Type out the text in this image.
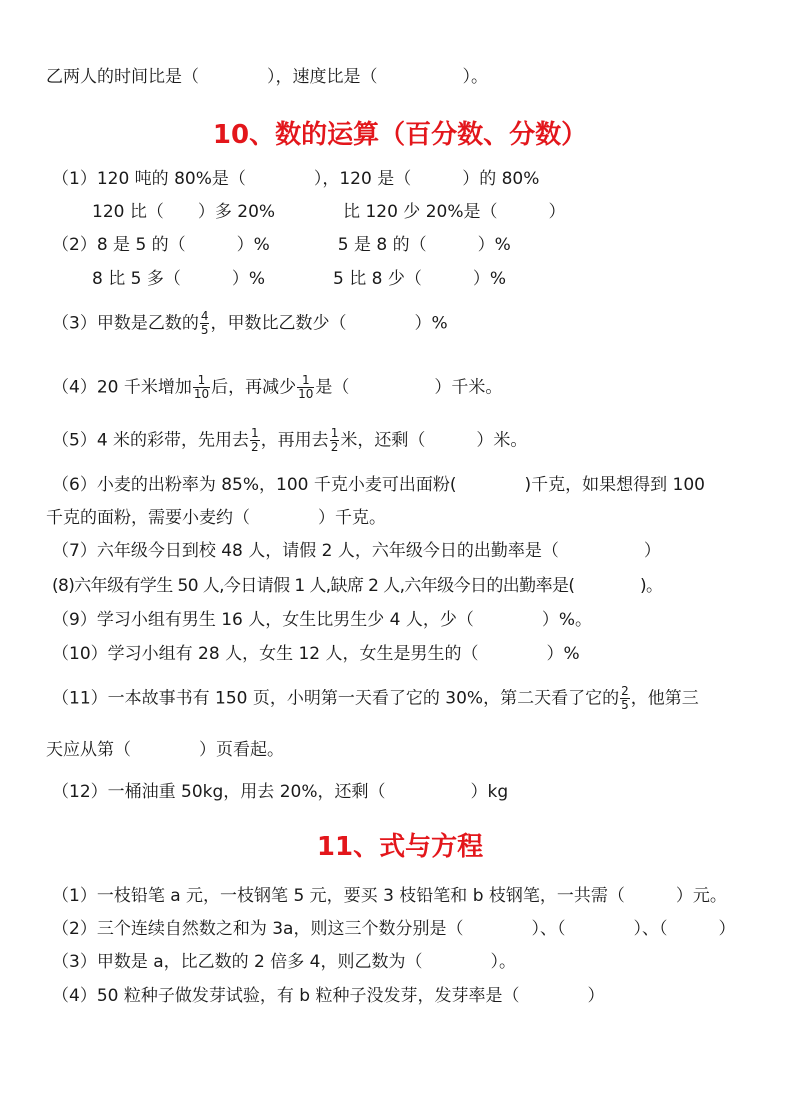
乙两人的时间比是（　　　　），速度比是（　　　　　）。
10、数的运算（百分数、分数）
（1）120 吨的 80%是（　　　　），120 是（　　　）的 80%
120 比（　　）多 20%　　　　比 120 少 20%是（　　　）
（2）8 是 5 的（　　　）%　　　　5 是 8 的（　　　）%
8 比 5 多（　　　）%　　　　5 比 8 少（　　　）%
（3）甲数是乙数的 $\frac{4}{5}$ ，甲数比乙数少（　　　　）%
（4）20 千米增加 $\frac{1}{10}$ 后，再减少 $\frac{1}{10}$ 是（　　　　　）千米。
（5）4 米的彩带，先用去 $\frac{1}{2}$ ，再用去 $\frac{1}{2}$ 米，还剩（　　　）米。
（6）小麦的出粉率为 85%，100 千克小麦可出面粉(　　　　)千克，如果想得到 100
千克的面粉，需要小麦约（　　　　）千克。
（7）六年级今日到校 48 人，请假 2 人，六年级今日的出勤率是（　　　　　）
(8)六年级有学生 50 人,今日请假 1 人,缺席 2 人,六年级今日的出勤率是(　　　　)。
（9）学习小组有男生 16 人，女生比男生少 4 人，少（　　　　）%。
（10）学习小组有 28 人，女生 12 人，女生是男生的（　　　　）%
（11）一本故事书有 150 页，小明第一天看了它的 30%，第二天看了它的 $\frac{2}{5}$ ，他第三
天应从第（　　　　）页看起。
（12）一桶油重 50kg，用去 20%，还剩（　　　　　）kg
11、式与方程
（1）一枝铅笔 a 元，一枝钢笔 5 元，要买 3 枝铅笔和 b 枝钢笔，一共需（　　　）元。
（2）三个连续自然数之和为 3a，则这三个数分别是（　　　　）、（　　　　）、（　　　）
（3）甲数是 a，比乙数的 2 倍多 4，则乙数为（　　　　）。
（4）50 粒种子做发芽试验，有 b 粒种子没发芽，发芽率是（　　　　）
